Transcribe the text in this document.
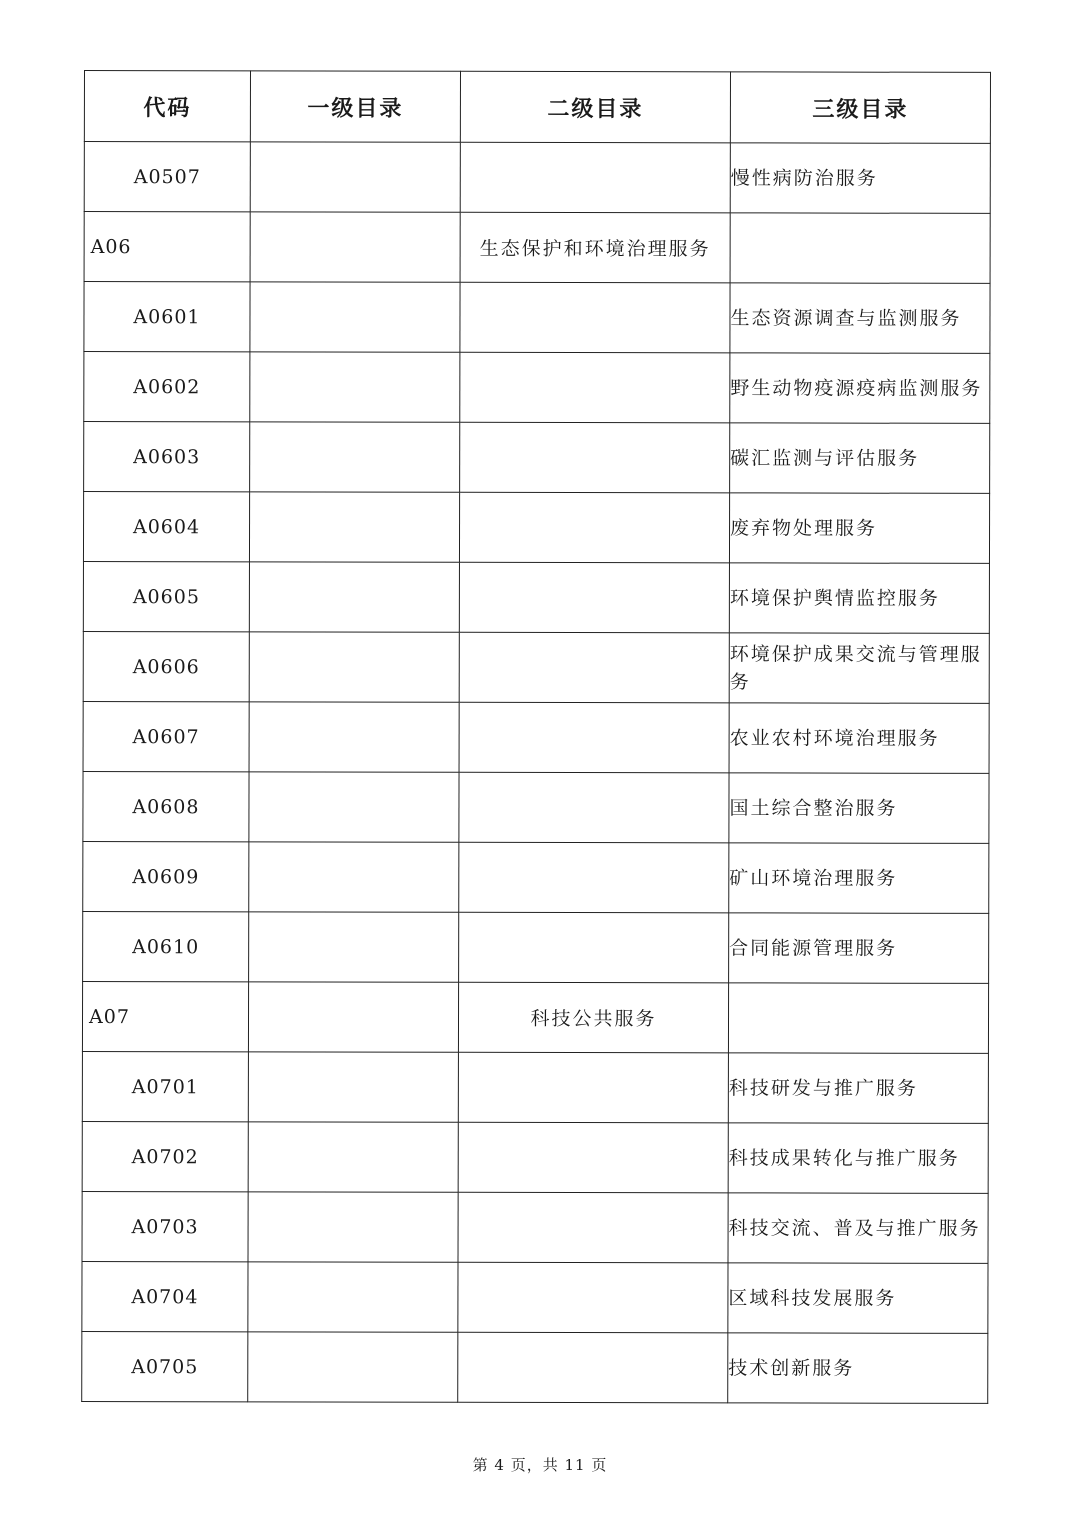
代码	一级目录	二级目录	三级目录
A0507			慢性病防治服务
A06		生态保护和环境治理服务	
A0601			生态资源调查与监测服务
A0602			野生动物疫源疫病监测服务
A0603			碳汇监测与评估服务
A0604			废弃物处理服务
A0605			环境保护舆情监控服务
A0606			环境保护成果交流与管理服务
A0607			农业农村环境治理服务
A0608			国土综合整治服务
A0609			矿山环境治理服务
A0610			合同能源管理服务
A07		科技公共服务	
A0701			科技研发与推广服务
A0702			科技成果转化与推广服务
A0703			科技交流、普及与推广服务
A0704			区域科技发展服务
A0705			技术创新服务
第 4 页，共 11 页
